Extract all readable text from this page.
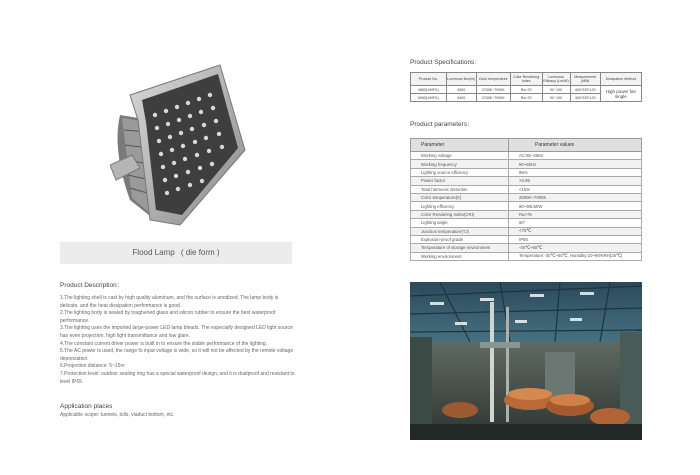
Flood Lamp ( die form )
Product Description：

1.The lighting shell is cast by high quality aluminum, and the surface is anodized. The lamp body is delicate, and the heat dissipation performance is good.

2.The lighting body is sealed by toughened glass and silicon rubber to ensure the best waterproof performance.

3.The lighting uses the imported large-power LED lamp bleads. The especially designed LED light source has even projection, high light transmittance and low glare.

4.The constant current driver power is built in to ensure the stable performance of the lighting.

5.The AC power is used, the range fo input voltage is wide, so it will not be affected by the remote voltage depreciation.

6.Projection distance: 5~15m

7.Protection level: outdoor sealing ring has a special waterproof design, and it is dustproof and resistant to level IP65

Application places
Applicable scope: tunnels, tolls, viaduct bottom, etc.
Product Specifications：
Product No.	Luminous flux(lm)	Color temperature	Color Rendering Index	Luminous Efficacy (Lm/W)	Measurement (MM)	Dissipation Method
4660(XMFG)	4500	2700K~7000K	Ra>75	90~100	400*220*120	High power fan single
6060(XMFG)	5400	2700K~7000K	Ra>75	90~100	400*220*120	
Product parameters：
Parameter	Parameter values
Working voltage	AC:85~265V
Working frequency	50~60Hz
Lighting source efficency	85%
Power factor	>0.95
Total harmonic distortion	<15%
Color temperature(K)	2500K~7000K
Lighting efficency	80~90LM/W
Color Rendering Index(CRI)	Ra>75
Lighting angle	60°
Junction temperature(TJ)	<70℃
Explosion-proof grade	IP65
Temperature of storage environment	-40℃~60℃
Working environment	Temperature:-30℃~50℃, Humidity:10~90%RH(25℃)
